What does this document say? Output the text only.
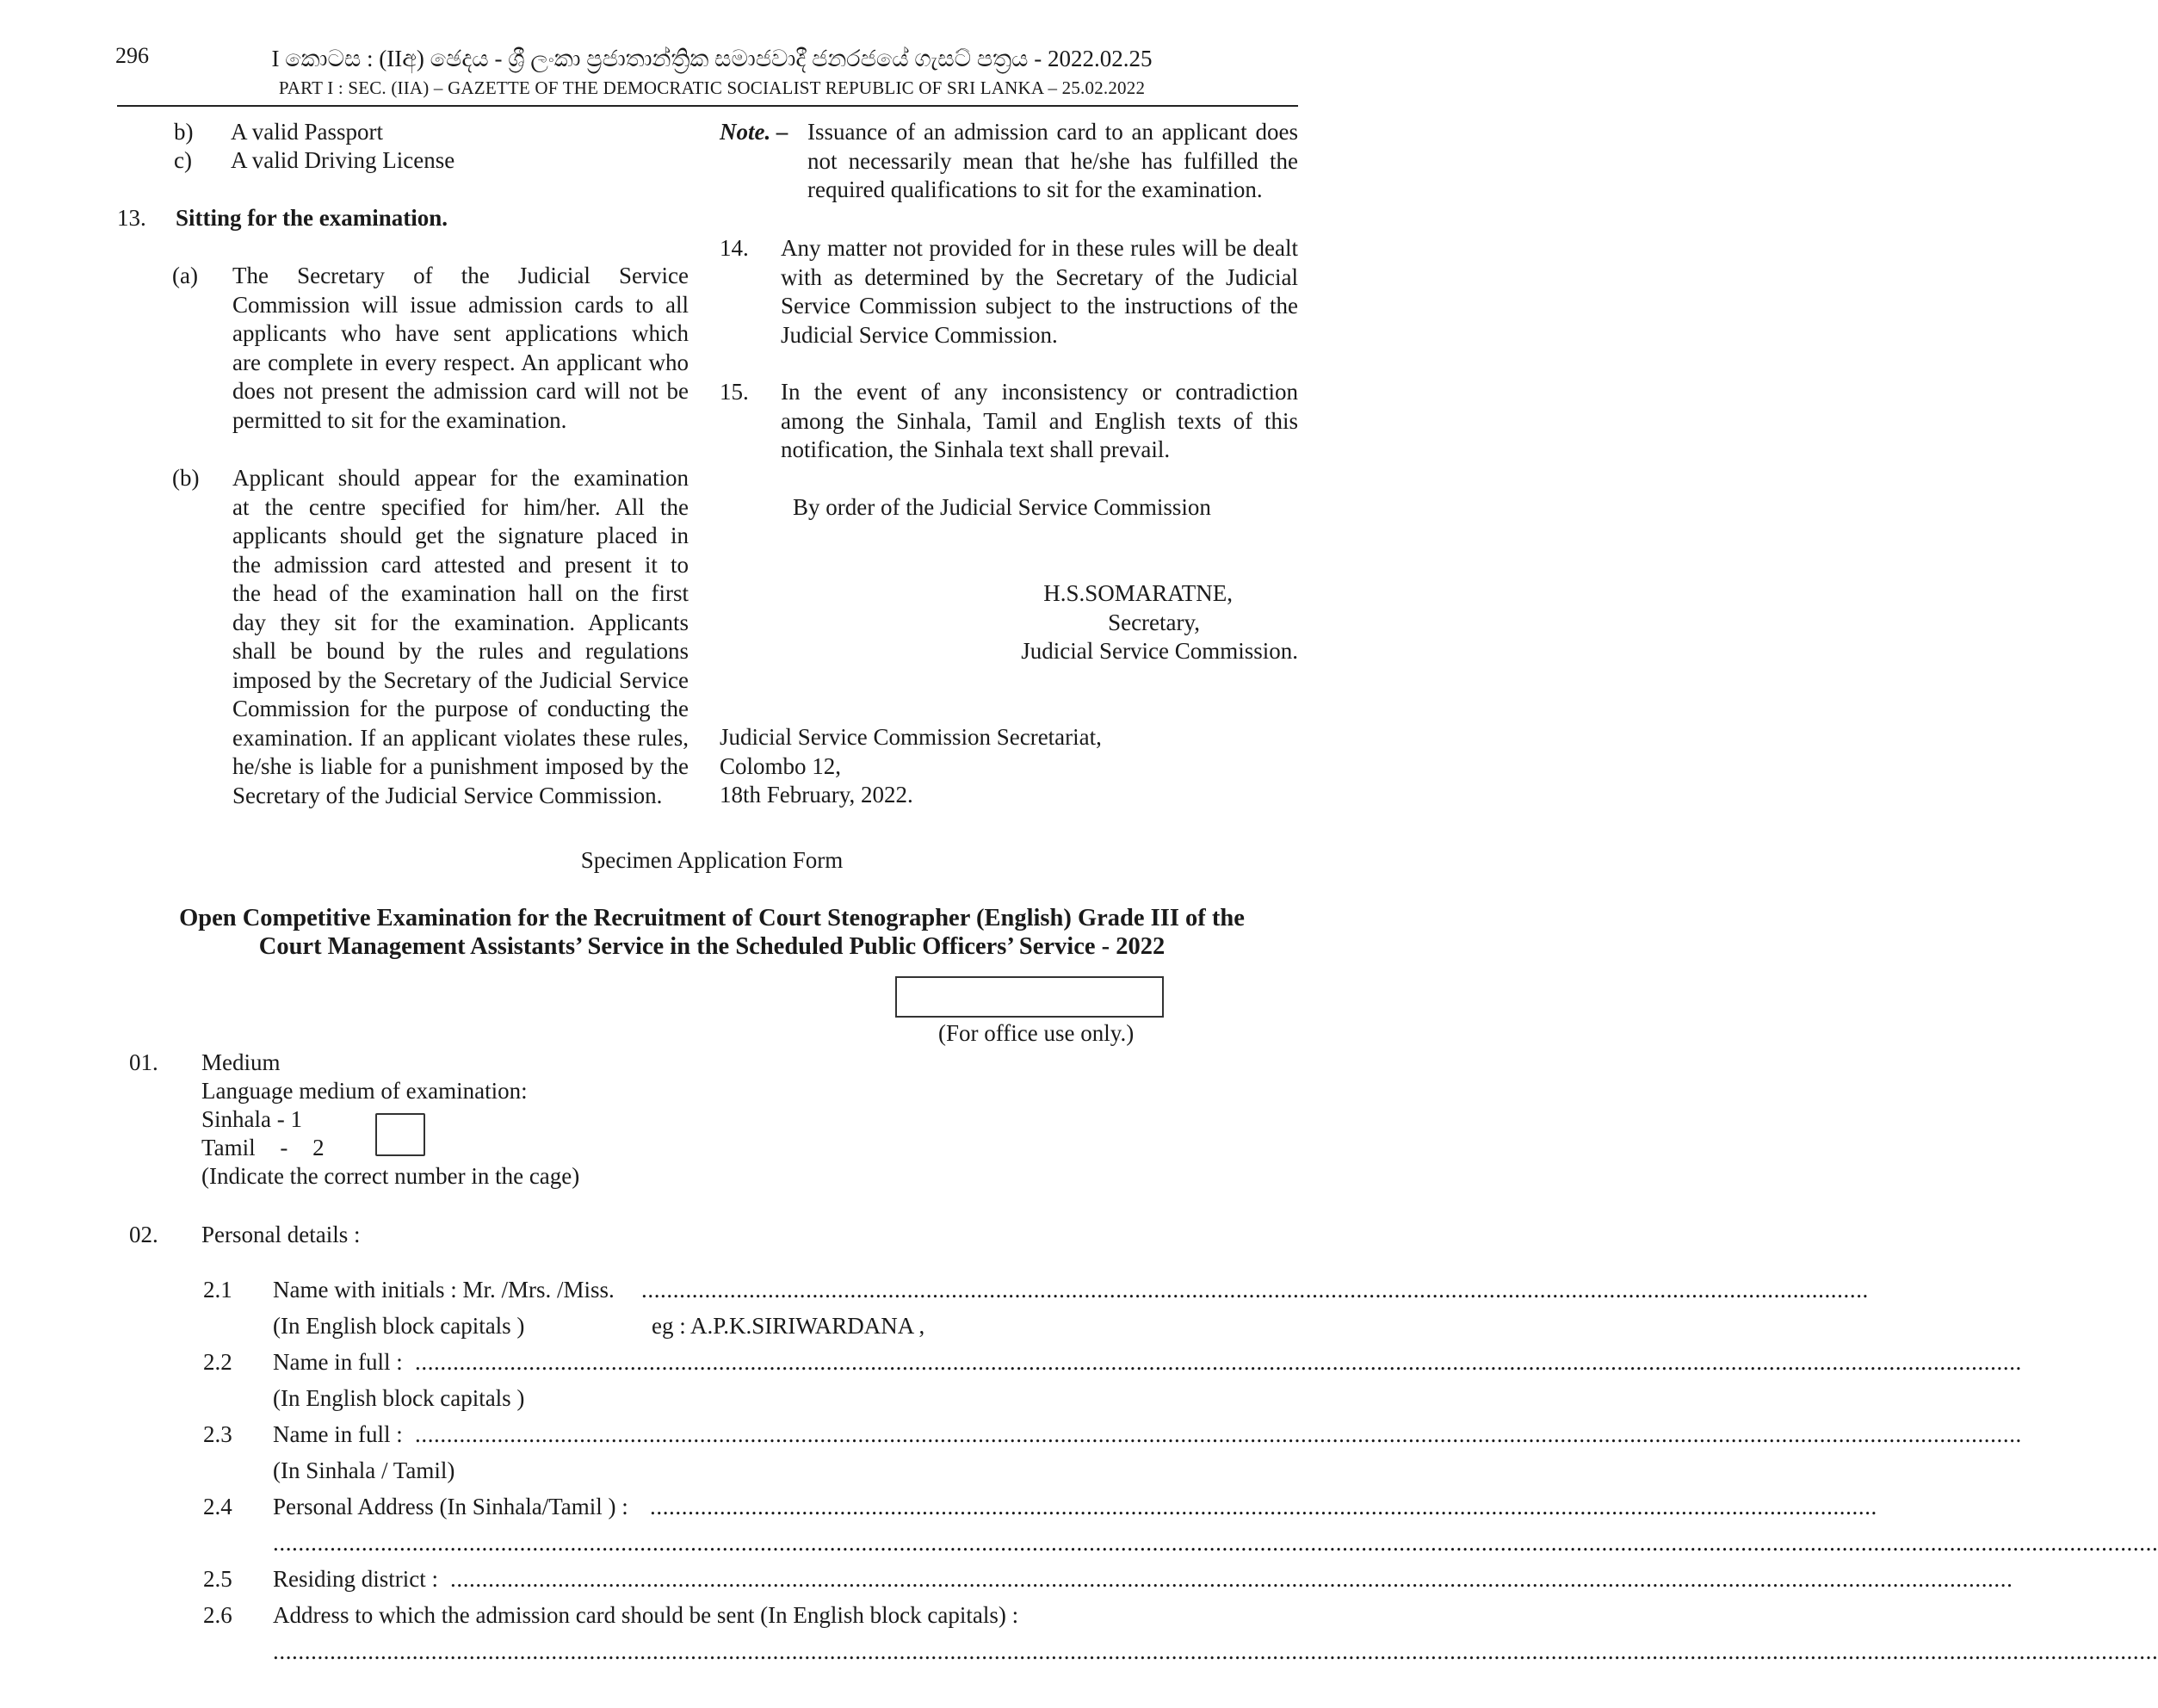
296	I කොටස : (IIඅ) ඡෙදය - ශ්‍රී ලංකා ප්‍රජාතාන්ත්‍රික සමාජවාදී ජනරජයේ ගැසට් පත්‍රය - 2022.02.25
PART I : SEC. (IIA) – GAZETTE OF THE DEMOCRATIC SOCIALIST REPUBLIC OF SRI LANKA – 25.02.2022
b) A valid Passport
c) A valid Driving License
13. Sitting for the examination.
(a) The Secretary of the Judicial Service
Commission will issue admission cards to all
applicants who have sent applications which
are complete in every respect. An applicant who
does not present the admission card will not be
permitted to sit for the examination.
(b) Applicant should appear for the examination
at the centre specified for him/her. All the
applicants should get the signature placed in
the admission card attested and present it to
the head of the examination hall on the first
day they sit for the examination. Applicants
shall be bound by the rules and regulations
imposed by the Secretary of the Judicial Service
Commission for the purpose of conducting the
examination. If an applicant violates these rules,
he/she is liable for a punishment imposed by the
Secretary of the Judicial Service Commission.
Note. – Issuance of an admission card to an applicant does
not necessarily mean that he/she has fulfilled the
required qualifications to sit for the examination.
14. Any matter not provided for in these rules will be dealt
with as determined by the Secretary of the Judicial
Service Commission subject to the instructions of the
Judicial Service Commission.
15. In the event of any inconsistency or contradiction
among the Sinhala, Tamil and English texts of this
notification, the Sinhala text shall prevail.
By order of the Judicial Service Commission
H.S.SOMARATNE,
Secretary,
Judicial Service Commission.
Judicial Service Commission Secretariat,
Colombo 12,
18th February, 2022.
Specimen Application Form
Open Competitive Examination for the Recruitment of Court Stenographer (English) Grade III of the
Court Management Assistants’ Service in the Scheduled Public Officers’ Service - 2022
(For office use only.)
01. Medium
Language medium of examination:
Sinhala - 1
Tamil - 2
(Indicate the correct number in the cage)
02. Personal details :
2.1 Name with initials : Mr. /Mrs. /Miss. ..................................................................................................................................................................................................
(In English block capitals )	eg : A.P.K.SIRIWARDANA ,
2.2 Name in full : ..............................................................................................................................................................................................................................................................
(In English block capitals )
2.3 Name in full : ..............................................................................................................................................................................................................................................................
(In Sinhala / Tamil)
2.4 Personal Address (In Sinhala/Tamil ) : ..................................................................................................................................................................................................
..........................................................................................................................................................................................................................................................................................................
2.5 Residing district : .......................................................................................................................................................................................................................................................
2.6 Address to which the admission card should be sent (In English block capitals) :
..........................................................................................................................................................................................................................................................................................................
